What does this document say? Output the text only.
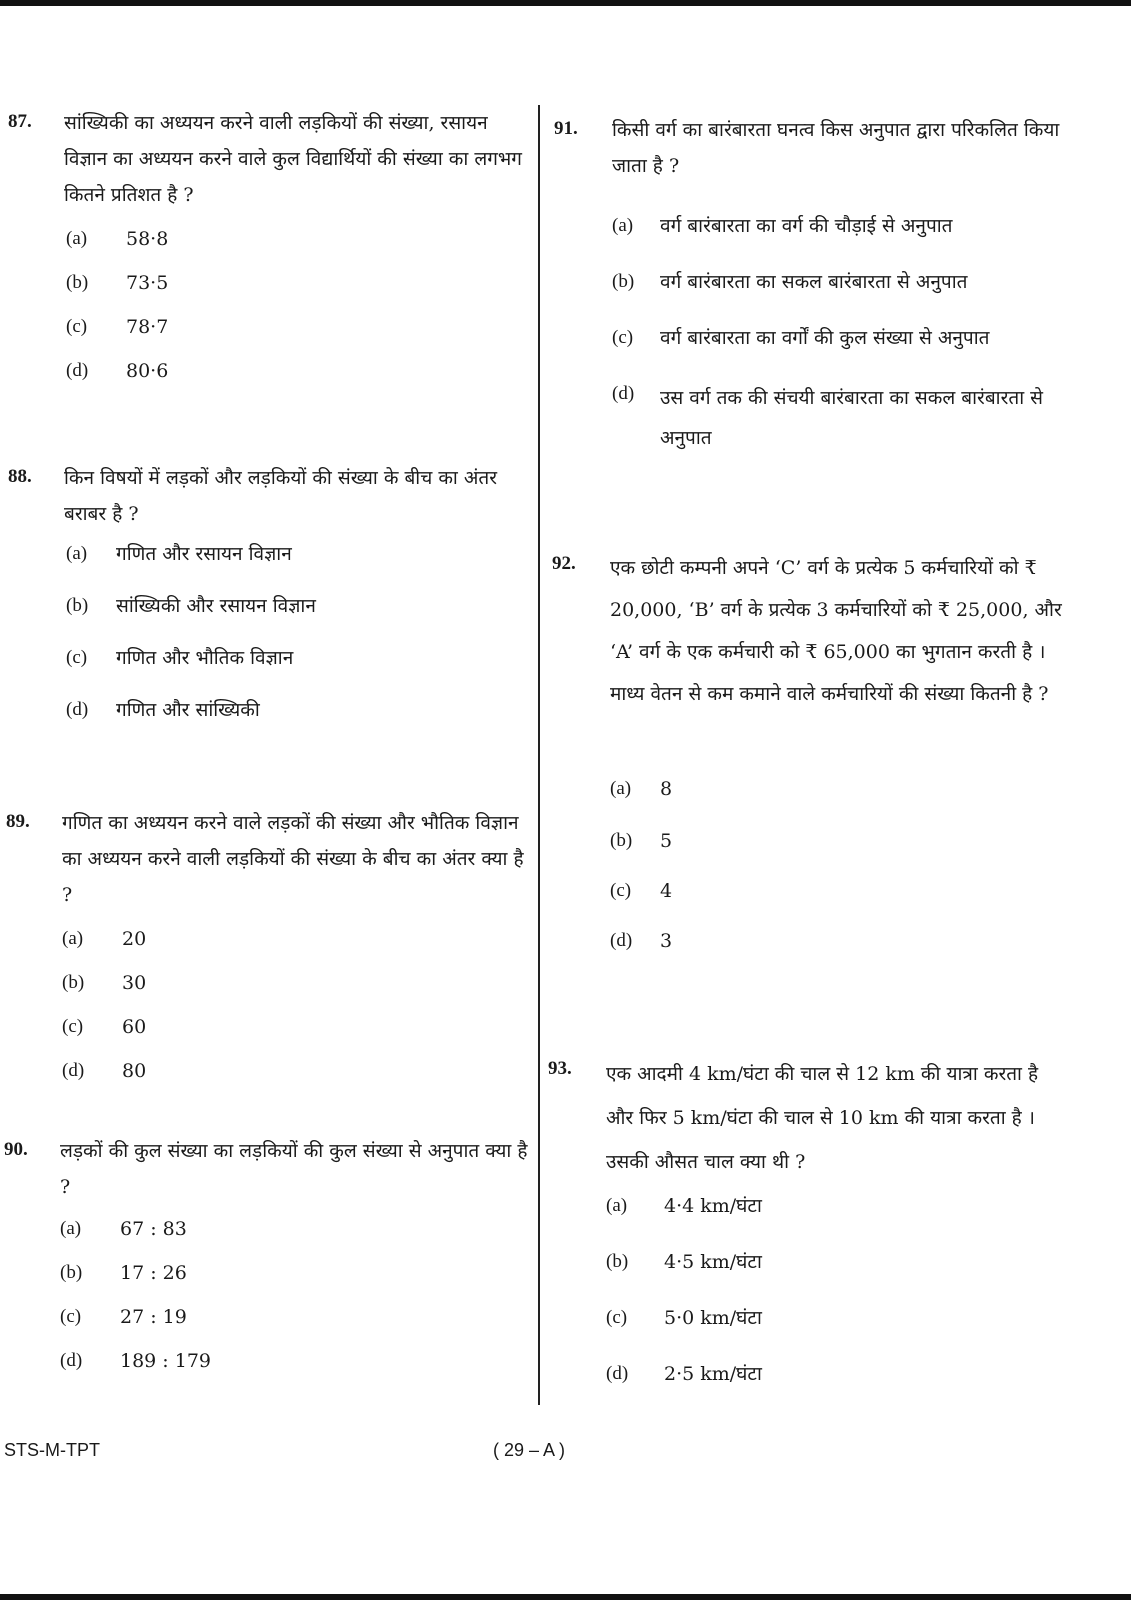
87. सांख्यिकी का अध्ययन करने वाली लड़कियों की संख्या, रसायन विज्ञान का अध्ययन करने वाले कुल विद्यार्थियों की संख्या का लगभग कितने प्रतिशत है ?
(a) 58·8
(b) 73·5
(c) 78·7
(d) 80·6
88. किन विषयों में लड़कों और लड़कियों की संख्या के बीच का अंतर बराबर है ?
(a) गणित और रसायन विज्ञान
(b) सांख्यिकी और रसायन विज्ञान
(c) गणित और भौतिक विज्ञान
(d) गणित और सांख्यिकी
89. गणित का अध्ययन करने वाले लड़कों की संख्या और भौतिक विज्ञान का अध्ययन करने वाली लड़कियों की संख्या के बीच का अंतर क्या है ?
(a) 20
(b) 30
(c) 60
(d) 80
90. लड़कों की कुल संख्या का लड़कियों की कुल संख्या से अनुपात क्या है ?
(a) 67 : 83
(b) 17 : 26
(c) 27 : 19
(d) 189 : 179
91. किसी वर्ग का बारंबारता घनत्व किस अनुपात द्वारा परिकलित किया जाता है ?
(a) वर्ग बारंबारता का वर्ग की चौड़ाई से अनुपात
(b) वर्ग बारंबारता का सकल बारंबारता से अनुपात
(c) वर्ग बारंबारता का वर्गों की कुल संख्या से अनुपात
(d) उस वर्ग तक की संचयी बारंबारता का सकल बारंबारता से अनुपात
92. एक छोटी कम्पनी अपने ‘C’ वर्ग के प्रत्येक 5 कर्मचारियों को ₹ 20,000, ‘B’ वर्ग के प्रत्येक 3 कर्मचारियों को ₹ 25,000, और ‘A’ वर्ग के एक कर्मचारी को ₹ 65,000 का भुगतान करती है । माध्य वेतन से कम कमाने वाले कर्मचारियों की संख्या कितनी है ?
(a) 8
(b) 5
(c) 4
(d) 3
93. एक आदमी 4 km/घंटा की चाल से 12 km की यात्रा करता है और फिर 5 km/घंटा की चाल से 10 km की यात्रा करता है । उसकी औसत चाल क्या थी ?
(a) 4·4 km/घंटा
(b) 4·5 km/घंटा
(c) 5·0 km/घंटा
(d) 2·5 km/घंटा
STS-M-TPT	( 29 – A )
